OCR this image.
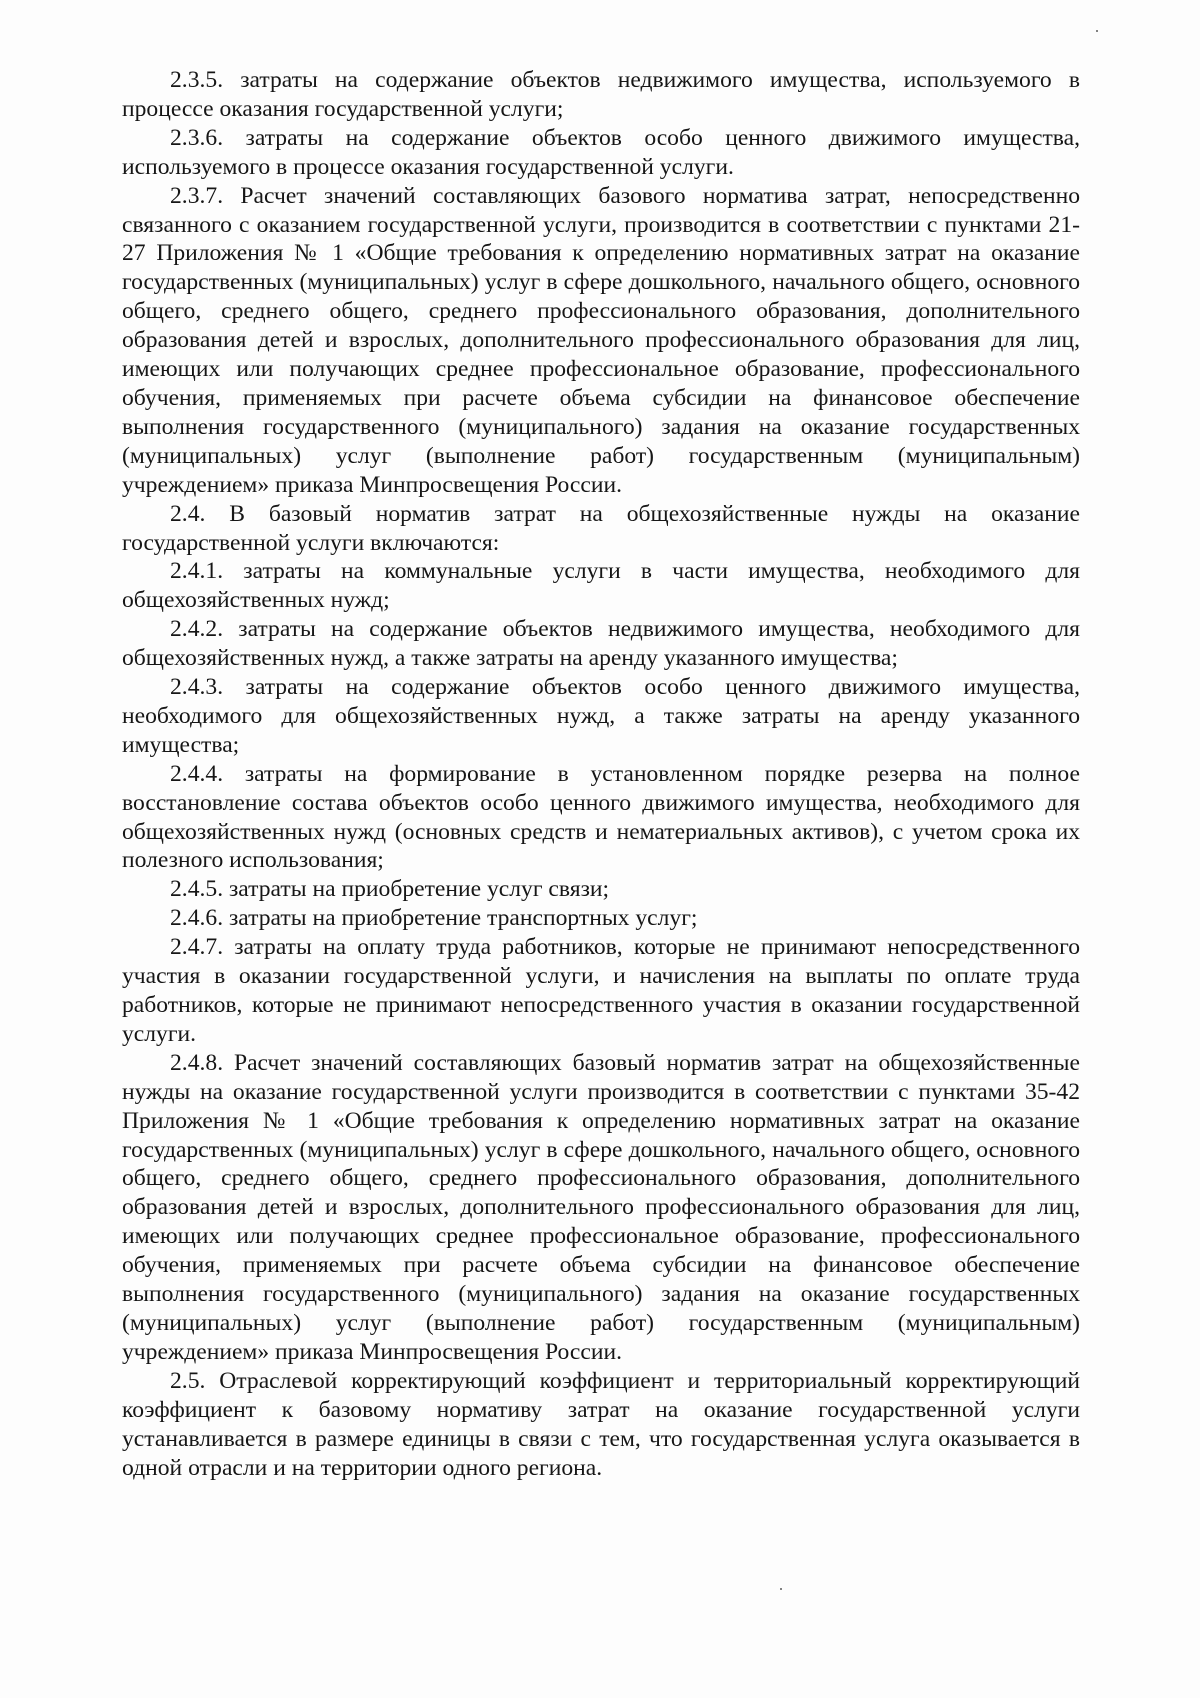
2.3.5. затраты на содержание объектов недвижимого имущества, используемого в процессе оказания государственной услуги;

2.3.6. затраты на содержание объектов особо ценного движимого имущества, используемого в процессе оказания государственной услуги.

2.3.7. Расчет значений составляющих базового норматива затрат, непосредственно связанного с оказанием государственной услуги, производится в соответствии с пунктами 21-27 Приложения № 1 «Общие требования к определению нормативных затрат на оказание государственных (муниципальных) услуг в сфере дошкольного, начального общего, основного общего, среднего общего, среднего профессионального образования, дополнительного образования детей и взрослых, дополнительного профессионального образования для лиц, имеющих или получающих среднее профессиональное образование, профессионального обучения, применяемых при расчете объема субсидии на финансовое обеспечение выполнения государственного (муниципального) задания на оказание государственных (муниципальных) услуг (выполнение работ) государственным (муниципальным) учреждением» приказа Минпросвещения России.

2.4. В базовый норматив затрат на общехозяйственные нужды на оказание государственной услуги включаются:

2.4.1. затраты на коммунальные услуги в части имущества, необходимого для общехозяйственных нужд;

2.4.2. затраты на содержание объектов недвижимого имущества, необходимого для общехозяйственных нужд, а также затраты на аренду указанного имущества;

2.4.3. затраты на содержание объектов особо ценного движимого имущества, необходимого для общехозяйственных нужд, а также затраты на аренду указанного имущества;

2.4.4. затраты на формирование в установленном порядке резерва на полное восстановление состава объектов особо ценного движимого имущества, необходимого для общехозяйственных нужд (основных средств и нематериальных активов), с учетом срока их полезного использования;

2.4.5. затраты на приобретение услуг связи;

2.4.6. затраты на приобретение транспортных услуг;

2.4.7. затраты на оплату труда работников, которые не принимают непосредственного участия в оказании государственной услуги, и начисления на выплаты по оплате труда работников, которые не принимают непосредственного участия в оказании государственной услуги.

2.4.8. Расчет значений составляющих базовый норматив затрат на общехозяйственные нужды на оказание государственной услуги производится в соответствии с пунктами 35-42 Приложения № 1 «Общие требования к определению нормативных затрат на оказание государственных (муниципальных) услуг в сфере дошкольного, начального общего, основного общего, среднего общего, среднего профессионального образования, дополнительного образования детей и взрослых, дополнительного профессионального образования для лиц, имеющих или получающих среднее профессиональное образование, профессионального обучения, применяемых при расчете объема субсидии на финансовое обеспечение выполнения государственного (муниципального) задания на оказание государственных (муниципальных) услуг (выполнение работ) государственным (муниципальным) учреждением» приказа Минпросвещения России.

2.5. Отраслевой корректирующий коэффициент и территориальный корректирующий коэффициент к базовому нормативу затрат на оказание государственной услуги устанавливается в размере единицы в связи с тем, что государственная услуга оказывается в одной отрасли и на территории одного региона.
